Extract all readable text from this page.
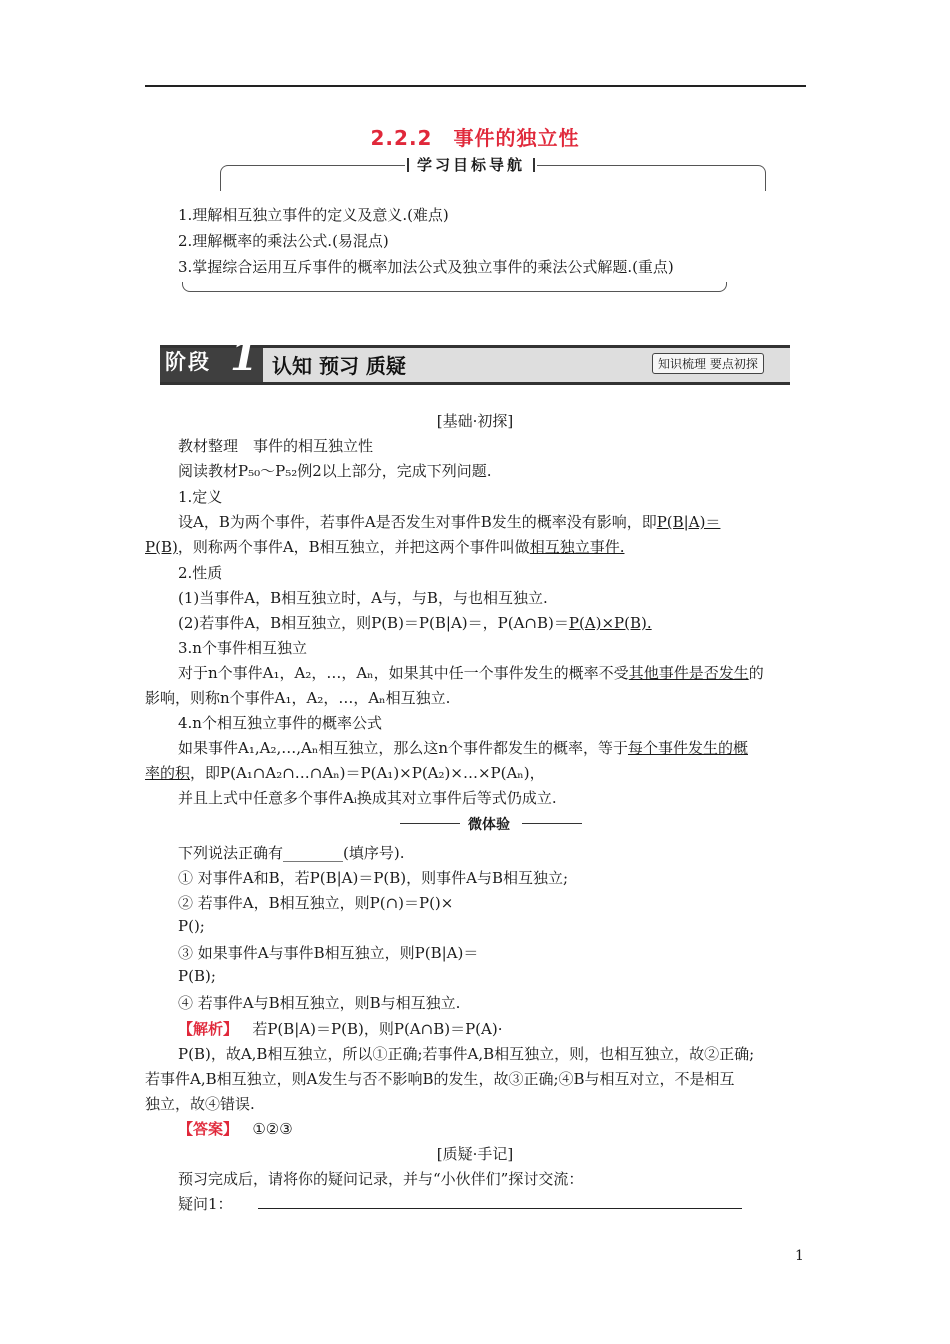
2.2.2　事件的独立性
学习目标导航
1.理解相互独立事件的定义及意义.(难点)
2.理解概率的乘法公式.(易混点)
3.掌握综合运用互斥事件的概率加法公式及独立事件的乘法公式解题.(重点)
阶段 1 认知 预习 质疑	知识梳理 要点初探
[基础·初探]
教材整理　事件的相互独立性
阅读教材P₅₀～P₅₂例2以上部分，完成下列问题.
1.定义
设A，B为两个事件，若事件A是否发生对事件B发生的概率没有影响，即P(B|A)＝
P(B)，则称两个事件A，B相互独立，并把这两个事件叫做相互独立事件.
2.性质
(1)当事件A，B相互独立时，A与，与B，与也相互独立.
(2)若事件A，B相互独立，则P(B)＝P(B|A)＝，P(A∩B)＝P(A)×P(B).
3.n个事件相互独立
对于n个事件A₁，A₂，…，Aₙ，如果其中任一个事件发生的概率不受其他事件是否发生的
影响，则称n个事件A₁，A₂，…，Aₙ相互独立.
4.n个相互独立事件的概率公式
如果事件A₁,A₂,…,Aₙ相互独立，那么这n个事件都发生的概率，等于每个事件发生的概
率的积，即P(A₁∩A₂∩…∩Aₙ)＝P(A₁)×P(A₂)×…×P(Aₙ)，
并且上式中任意多个事件Aᵢ换成其对立事件后等式仍成立.
微体验
下列说法正确有________(填序号).
① 对事件A和B，若P(B|A)＝P(B)，则事件A与B相互独立;
② 若事件A，B相互独立，则P(∩)＝P()×
P();
③ 如果事件A与事件B相互独立，则P(B|A)＝
P(B);
④ 若事件A与B相互独立，则B与相互独立.
【解析】 若P(B|A)＝P(B)，则P(A∩B)＝P(A)·
P(B)，故A,B相互独立，所以①正确;若事件A,B相互独立，则，也相互独立，故②正确;
若事件A,B相互独立，则A发生与否不影响B的发生，故③正确;④B与相互对立，不是相互
独立，故④错误.
【答案】 ①②③
[质疑·手记]
预习完成后，请将你的疑问记录，并与“小伙伴们”探讨交流：
疑问1：
1
